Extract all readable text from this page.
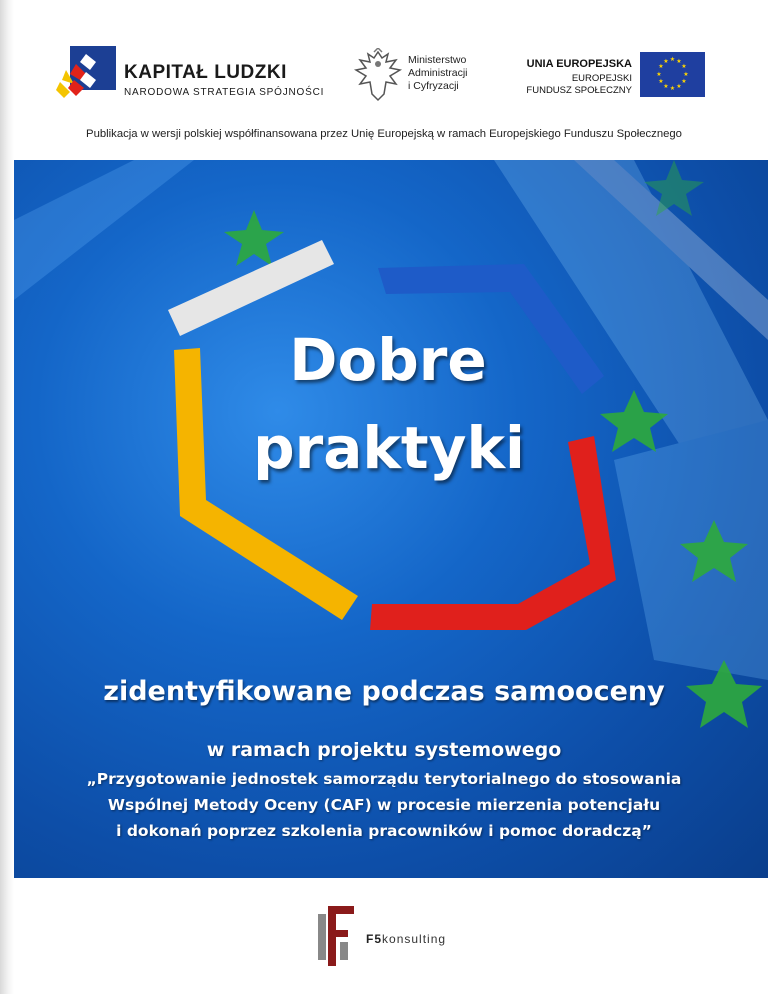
KAPITAŁ LUDZKI
NARODOWA STRATEGIA SPÓJNOŚCI
Ministerstwo
Administracji
i Cyfryzacji
UNIA EUROPEJSKA
EUROPEJSKI
FUNDUSZ SPOŁECZNY
★ ★
★
★
★
★
★
★
★
★
★
★
Publikacja w wersji polskiej współfinansowana przez Unię Europejską w ramach Europejskiego Funduszu Społecznego
Dobre
praktyki
zidentyfikowane podczas samooceny
w ramach projektu systemowego
„Przygotowanie jednostek samorządu terytorialnego do stosowania
Wspólnej Metody Oceny (CAF) w procesie mierzenia potencjału
i dokonań poprzez szkolenia pracowników i pomoc doradczą”
F5konsulting
